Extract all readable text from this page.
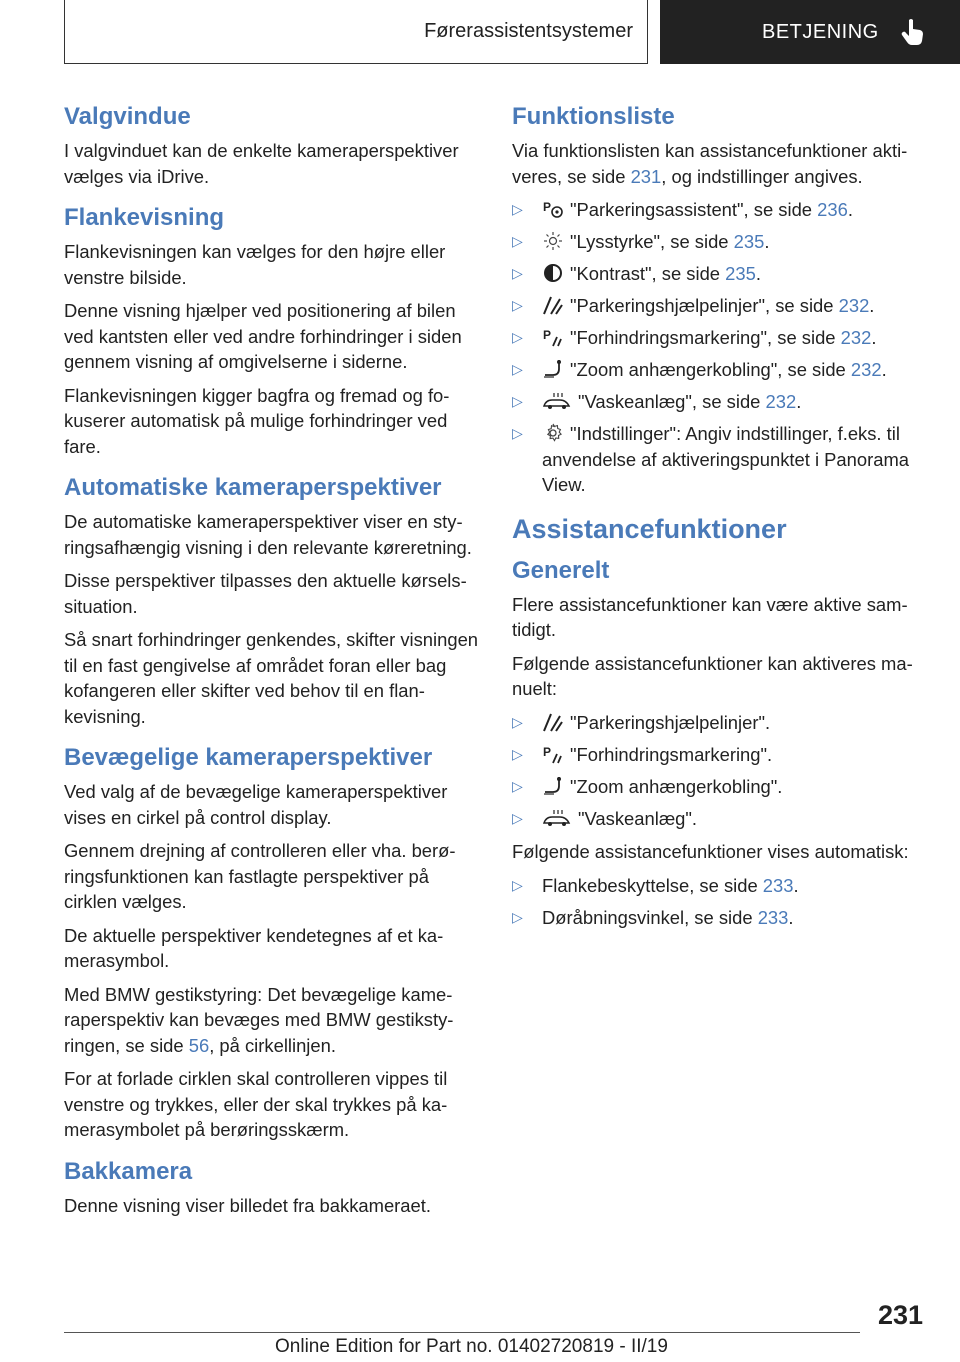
Førerassistentsystemer	BETJENING
Valgvindue

I valgvinduet kan de enkelte kameraperspektiver vælges via iDrive.

Flankevisning

Flankevisningen kan vælges for den højre eller venstre bilside.

Denne visning hjælper ved positionering af bilen ved kantsten eller ved andre forhindringer i siden gennem visning af omgivelserne i siderne.

Flankevisningen kigger bagfra og fremad og fokuserer automatisk på mulige forhindringer ved fare.

Automatiske kameraperspektiver

De automatiske kameraperspektiver viser en styringsafhængig visning i den relevante køreretning.

Disse perspektiver tilpasses den aktuelle kørselssituation.

Så snart forhindringer genkendes, skifter visningen til en fast gengivelse af området foran eller bag kofangeren eller skifter ved behov til en flankevisning.

Bevægelige kameraperspektiver

Ved valg af de bevægelige kameraperspektiver vises en cirkel på control display.

Gennem drejning af controlleren eller vha. berøringsfunktionen kan fastlagte perspektiver på cirklen vælges.

De aktuelle perspektiver kendetegnes af et kamerasymbol.

Med BMW gestikstyring: Det bevægelige kameraperspektiv kan bevæges med BMW gestikstyringen, se side 56, på cirkellinjen.

For at forlade cirklen skal controlleren vippes til venstre og trykkes, eller der skal trykkes på kamerasymbolet på berøringsskærm.

Bakkamera

Denne visning viser billedet fra bakkameraet.

Funktionsliste

Via funktionslisten kan assistancefunktioner aktiveres, se side 231, og indstillinger angives.

▷ P "Parkeringsassistent", se side 236.
▷	"Lysstyrke", se side 235.
▷	"Kontrast", se side 235.
▷	"Parkeringshjælpelinjer", se side 232.
▷ P "Forhindringsmarkering", se side 232.
▷	"Zoom anhængerkobling", se side 232.
▷	"Vaskeanlæg", se side 232.
▷	"Indstillinger": Angiv indstillinger, f.eks. til anvendelse af aktiveringspunktet i Panorama View.
Assistancefunktioner
Generelt

Flere assistancefunktioner kan være aktive samtidigt.

Følgende assistancefunktioner kan aktiveres manuelt:

▷	"Parkeringshjælpelinjer".
▷ P "Forhindringsmarkering".
▷	"Zoom anhængerkobling".
▷	"Vaskeanlæg".

Følgende assistancefunktioner vises automatisk:

▷ Flankebeskyttelse, se side 233.
▷ Døråbningsvinkel, se side 233.
231
Online Edition for Part no. 01402720819 - II/19
